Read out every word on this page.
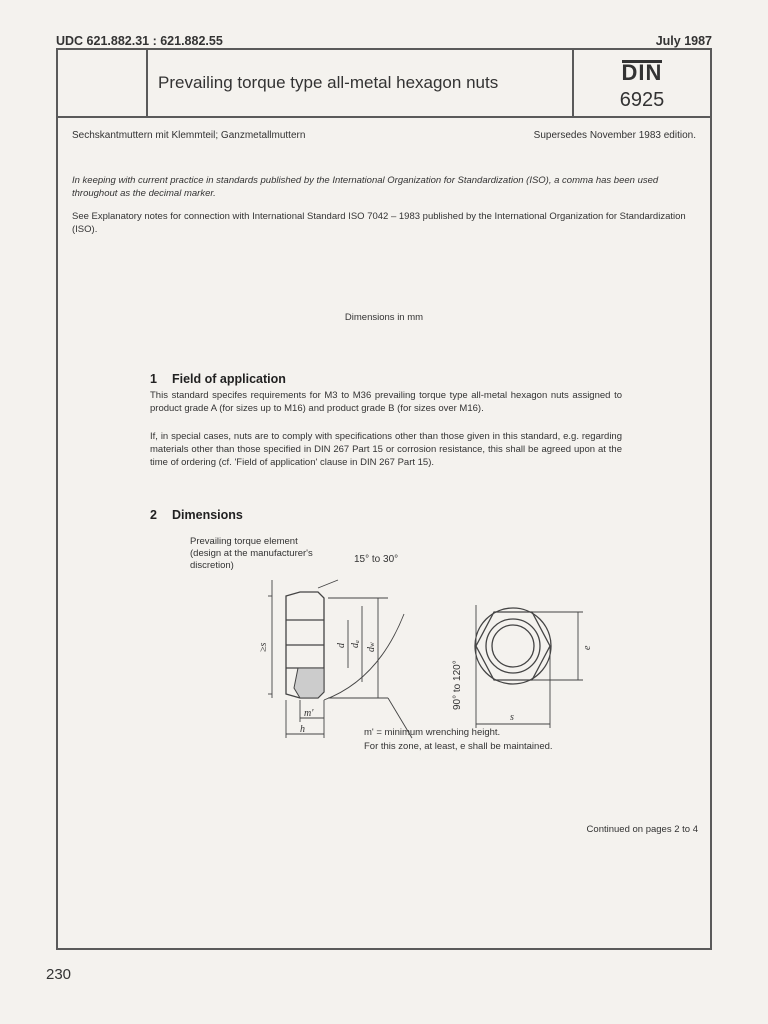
UDC 621.882.31 : 621.882.55	July 1987
Prevailing torque type all-metal hexagon nuts	DIN
6925
Sechskantmuttern mit Klemmteil; Ganzmetallmuttern	Supersedes November 1983 edition.
In keeping with current practice in standards published by the International Organization for Standardization (ISO), a comma has been used throughout as the decimal marker.
See Explanatory notes for connection with International Standard ISO 7042 – 1983 published by the International Organization for Standardization (ISO).
Dimensions in mm
1 Field of application
This standard specifes requirements for M3 to M36 prevailing torque type all-metal hexagon nuts assigned to product grade A (for sizes up to M16) and product grade B (for sizes over M16).
If, in special cases, nuts are to comply with specifications other than those given in this standard, e.g. regarding materials other than those specified in DIN 267 Part 15 or corrosion resistance, this shall be agreed upon at the time of ordering (cf. 'Field of application' clause in DIN 267 Part 15).
2 Dimensions
Prevailing torque element (design at the manufacturer's discretion)
15° to 30°
90° to 120°
≥s	d dₐ
dw
m'
h
e
s
m' = minimum wrenching height.
For this zone, at least, e shall be maintained.
Continued on pages 2 to 4
230
